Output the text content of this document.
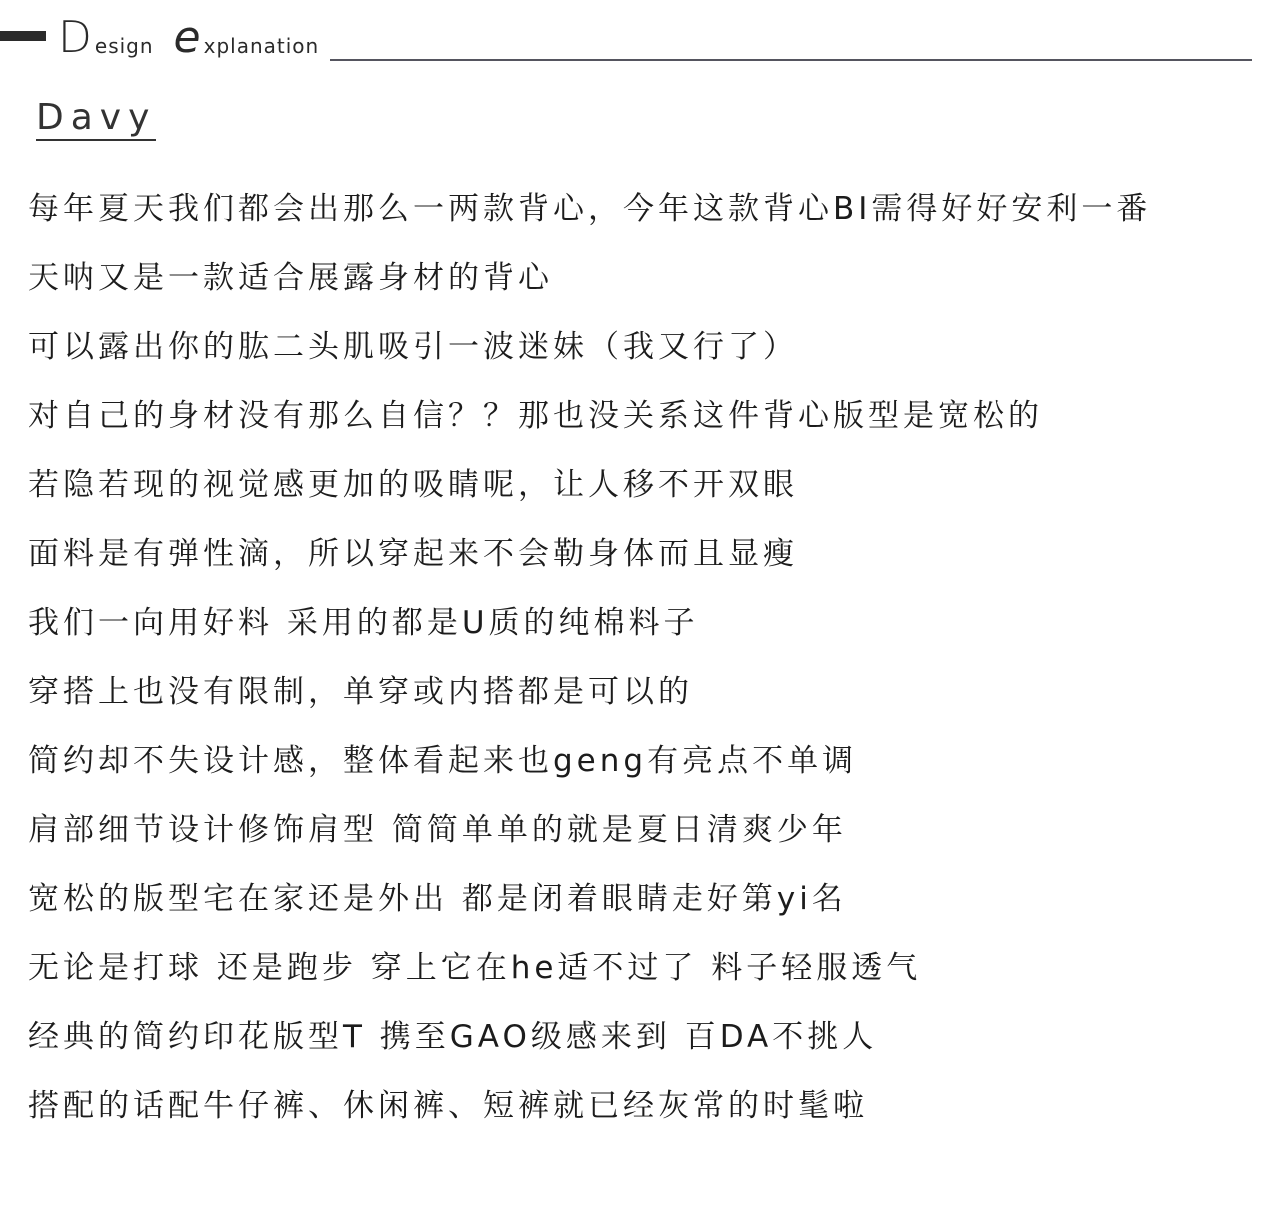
D esign e xplanation
Davy
每年夏天我们都会出那么一两款背心，今年这款背心BI需得好好安利一番
天呐又是一款适合展露身材的背心
可以露出你的肱二头肌吸引一波迷妹（我又行了）
对自己的身材没有那么自信？？那也没关系这件背心版型是宽松的
若隐若现的视觉感更加的吸睛呢，让人移不开双眼
面料是有弹性滴，所以穿起来不会勒身体而且显瘦
我们一向用好料 采用的都是U质的纯棉料子
穿搭上也没有限制，单穿或内搭都是可以的
简约却不失设计感，整体看起来也geng有亮点不单调
肩部细节设计修饰肩型 简简单单的就是夏日清爽少年
宽松的版型宅在家还是外出 都是闭着眼睛走好第yi名
无论是打球 还是跑步 穿上它在he适不过了 料子轻服透气
经典的简约印花版型T 携至GAO级感来到 百DA不挑人
搭配的话配牛仔裤、休闲裤、短裤就已经灰常的时髦啦
